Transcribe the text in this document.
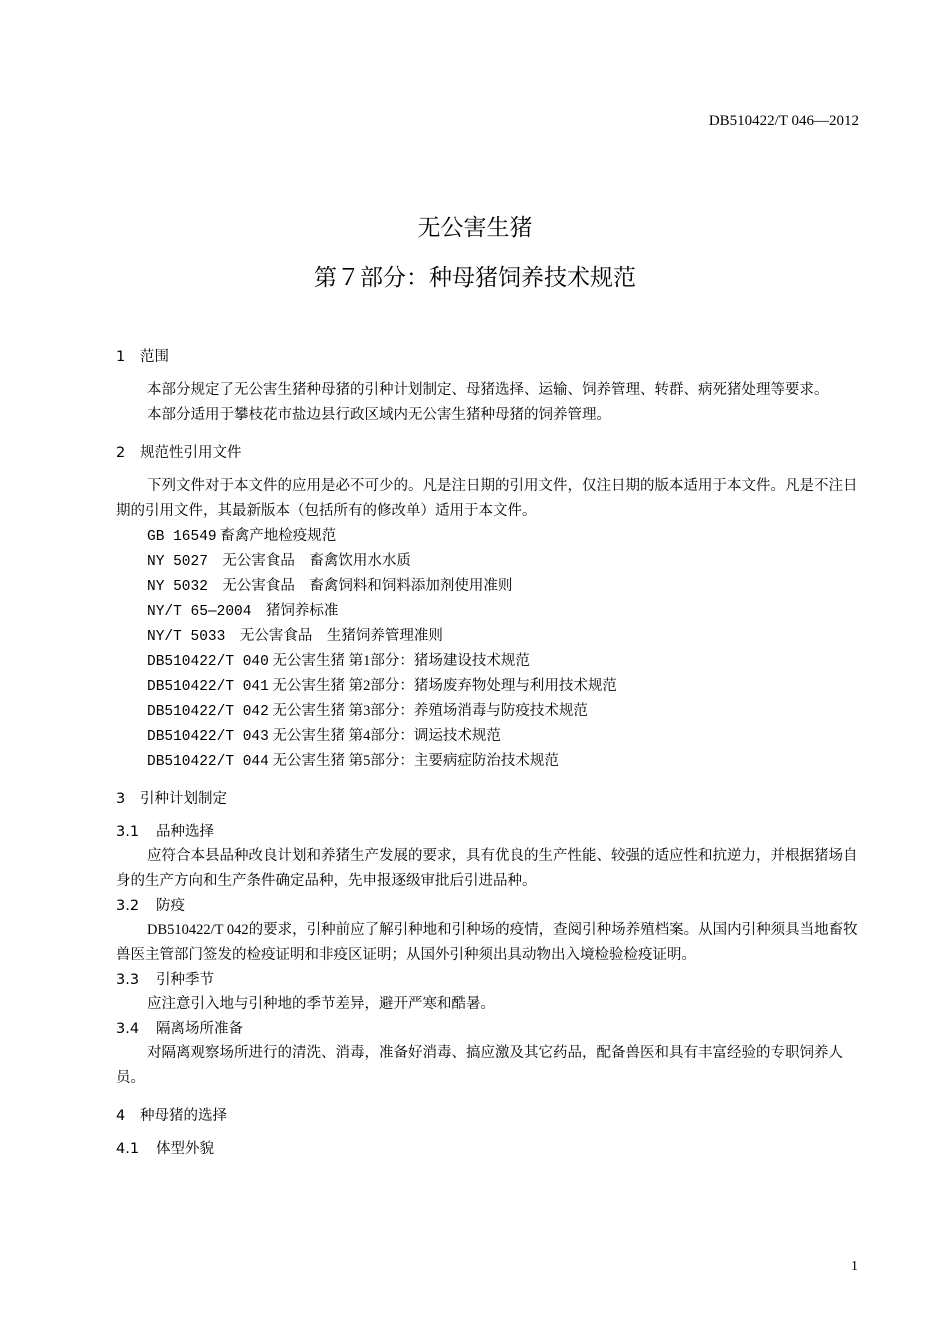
DB510422/T 046—2012
无公害生猪
第７部分：种母猪饲养技术规范
1 范围

本部分规定了无公害生猪种母猪的引种计划制定、母猪选择、运输、饲养管理、转群、病死猪处理等要求。

本部分适用于攀枝花市盐边县行政区域内无公害生猪种母猪的饲养管理。

2 规范性引用文件

下列文件对于本文件的应用是必不可少的。凡是注日期的引用文件，仅注日期的版本适用于本文件。凡是不注日期的引用文件，其最新版本（包括所有的修改单）适用于本文件。

GB 16549 畜禽产地检疫规范
NY 5027　 无公害食品　畜禽饮用水水质
NY 5032　 无公害食品　畜禽饲料和饲料添加剂使用准则
NY/T 65—2004　 猪饲养标准
NY/T 5033　 无公害食品　生猪饲养管理准则
DB510422/T 040 无公害生猪 第1部分：猪场建设技术规范
DB510422/T 041 无公害生猪 第2部分：猪场废弃物处理与利用技术规范
DB510422/T 042 无公害生猪 第3部分：养殖场消毒与防疫技术规范
DB510422/T 043 无公害生猪 第4部分：调运技术规范
DB510422/T 044 无公害生猪 第5部分：主要病症防治技术规范
3 引种计划制定
3.1 品种选择

应符合本县品种改良计划和养猪生产发展的要求，具有优良的生产性能、较强的适应性和抗逆力，并根据猪场自身的生产方向和生产条件确定品种，先申报逐级审批后引进品种。

3.2 防疫

DB510422/T 042的要求，引种前应了解引种地和引种场的疫情，查阅引种场养殖档案。从国内引种须具当地畜牧兽医主管部门签发的检疫证明和非疫区证明；从国外引种须出具动物出入境检验检疫证明。

3.3 引种季节

应注意引入地与引种地的季节差异，避开严寒和酷暑。

3.4 隔离场所准备

对隔离观察场所进行的清洗、消毒，准备好消毒、搞应激及其它药品，配备兽医和具有丰富经验的专职饲养人员。

4 种母猪的选择
4.1 体型外貌
1
